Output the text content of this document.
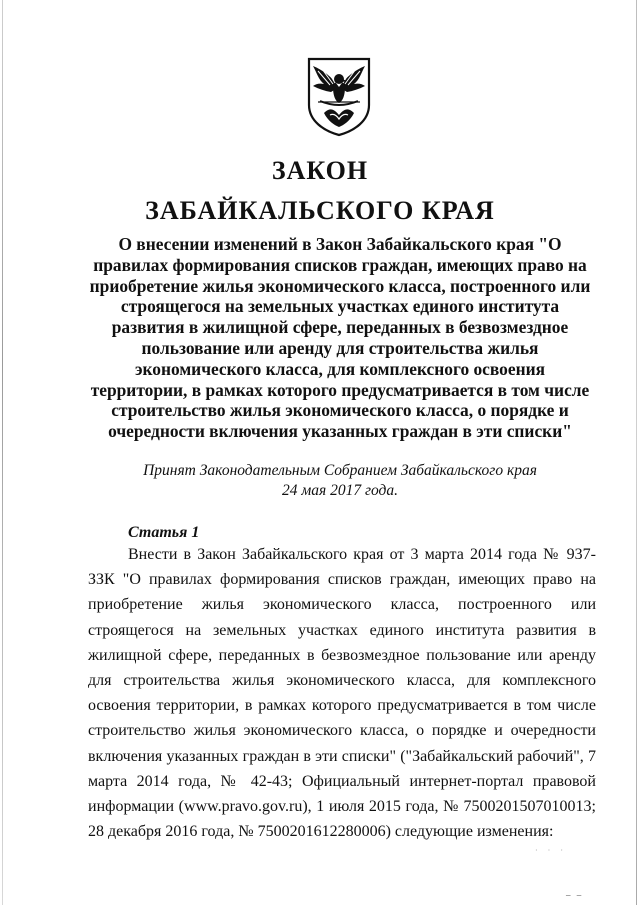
ЗАКОН
ЗАБАЙКАЛЬСКОГО КРАЯ
О внесении изменений в Закон Забайкальского края "О правилах формирования списков граждан, имеющих право на приобретение жилья экономического класса, построенного или строящегося на земельных участках единого института развития в жилищной сфере, переданных в безвозмездное пользование или аренду для строительства жилья экономического класса, для комплексного освоения территории, в рамках которого предусматривается в том числе строительство жилья экономического класса, о порядке и очередности включения указанных граждан в эти списки"
Принят Законодательным Собранием Забайкальского края
24 мая 2017 года.
Статья 1
Внести в Закон Забайкальского края от 3 марта 2014 года № 937-ЗЗК "О правилах формирования списков граждан, имеющих право на приобретение жилья экономического класса, построенного или строящегося на земельных участках единого института развития в жилищной сфере, переданных в безвозмездное пользование или аренду для строительства жилья экономического класса, для комплексного освоения территории, в рамках которого предусматривается в том числе строительство жилья экономического класса, о порядке и очередности включения указанных граждан в эти списки" ("Забайкальский рабочий", 7 марта 2014 года, № 42-43; Официальный интернет-портал правовой информации (www.pravo.gov.ru), 1 июля 2015 года, № 7500201507010013; 28 декабря 2016 года, № 7500201612280006) следующие изменения:
· · ·
– –
